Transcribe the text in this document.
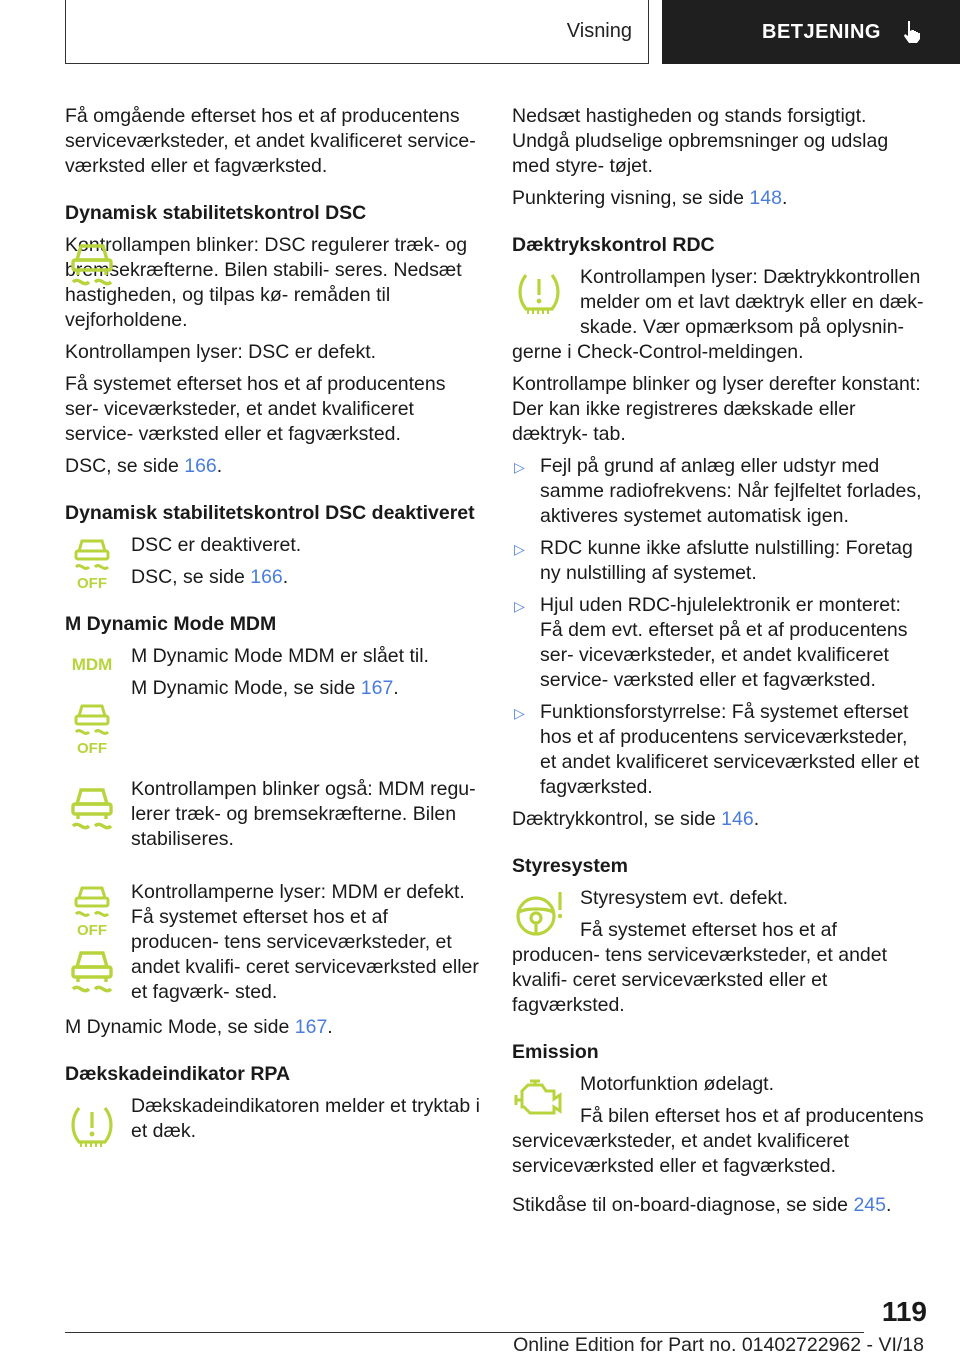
Visning	BETJENING

Få omgående efterset hos et af producentens serviceværksteder, et andet kvalificeret service- værksted eller et fagværksted.

Dynamisk stabilitetskontrol DSC
Kontrollampen blinker: DSC regulerer træk- og bremsekræfterne. Bilen stabili- seres. Nedsæt hastigheden, og tilpas kø- remåden til vejforholdene.

Kontrollampen lyser: DSC er defekt.

Få systemet efterset hos et af producentens ser- viceværksteder, et andet kvalificeret service- værksted eller et fagværksted.

DSC, se side 166.

Dynamisk stabilitetskontrol DSC deaktiveret
OFF

DSC er deaktiveret.

DSC, se side 166.

M Dynamic Mode MDM
MDM
OFF

M Dynamic Mode MDM er slået til.

M Dynamic Mode, se side 167.

Kontrollampen blinker også: MDM regu- lerer træk- og bremsekræfterne. Bilen stabiliseres.

OFF

Kontrollamperne lyser: MDM er defekt. Få systemet efterset hos et af producen- tens serviceværksteder, et andet kvalifi- ceret serviceværksted eller et fagværk- sted.

M Dynamic Mode, se side 167.

Dækskadeindikator RPA

Dækskadeindikatoren melder et tryktab i et dæk.

Nedsæt hastigheden og stands forsigtigt. Undgå pludselige opbremsninger og udslag med styre- tøjet.

Punktering visning, se side 148.

Dæktrykskontrol RDC
Kontrollampen lyser: Dæktrykkontrollen melder om et lavt dæktryk eller en dæk- skade. Vær opmærksom på oplysnin- gerne i Check-Control-meldingen.

Kontrollampe blinker og lyser derefter konstant: Der kan ikke registreres dækskade eller dæktryk- tab.

▷ Fejl på grund af anlæg eller udstyr med samme radiofrekvens: Når fejlfeltet forlades, aktiveres systemet automatisk igen.
▷ RDC kunne ikke afslutte nulstilling: Foretag ny nulstilling af systemet.
▷ Hjul uden RDC-hjulelektronik er monteret: Få dem evt. efterset på et af producentens ser- viceværksteder, et andet kvalificeret service- værksted eller et fagværksted.
▷ Funktionsforstyrrelse: Få systemet efterset hos et af producentens serviceværksteder, et andet kvalificeret serviceværksted eller et fagværksted.

Dæktrykkontrol, se side 146.

Styresystem

Styresystem evt. defekt.

Få systemet efterset hos et af producen- tens serviceværksteder, et andet kvalifi- ceret serviceværksted eller et fagværksted.
Emission

Motorfunktion ødelagt.

Få bilen efterset hos et af producentens serviceværksteder, et andet kvalificeret serviceværksted eller et fagværksted.

Stikdåse til on-board-diagnose, se side 245.

119
Online Edition for Part no. 01402722962 - VI/18
